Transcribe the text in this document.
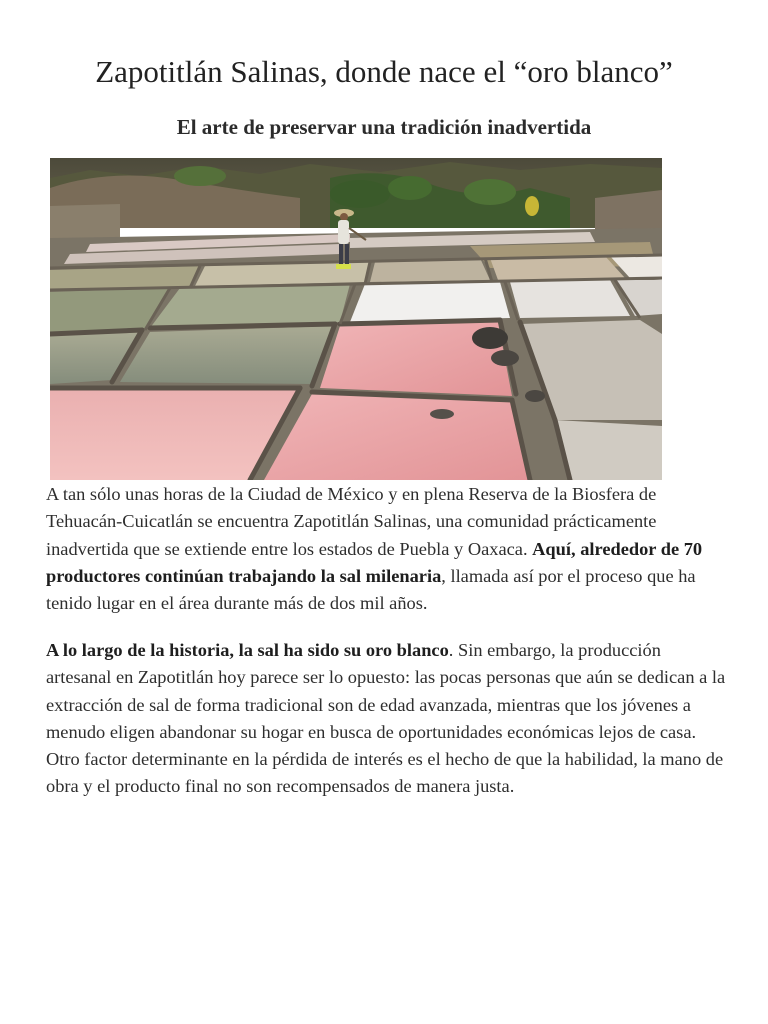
Zapotitlán Salinas, donde nace el “oro blanco”
El arte de preservar una tradición inadvertida

A tan sólo unas horas de la Ciudad de México y en plena Reserva de la Biosfera de Tehuacán-Cuicatlán se encuentra Zapotitlán Salinas, una comunidad prácticamente inadvertida que se extiende entre los estados de Puebla y Oaxaca. Aquí, alrededor de 70 productores continúan trabajando la sal milenaria, llamada así por el proceso que ha tenido lugar en el área durante más de dos mil años.

A lo largo de la historia, la sal ha sido su oro blanco. Sin embargo, la producción artesanal en Zapotitlán hoy parece ser lo opuesto: las pocas personas que aún se dedican a la extracción de sal de forma tradicional son de edad avanzada, mientras que los jóvenes a menudo eligen abandonar su hogar en busca de oportunidades económicas lejos de casa. Otro factor determinante en la pérdida de interés es el hecho de que la habilidad, la mano de obra y el producto final no son recompensados de manera justa.
